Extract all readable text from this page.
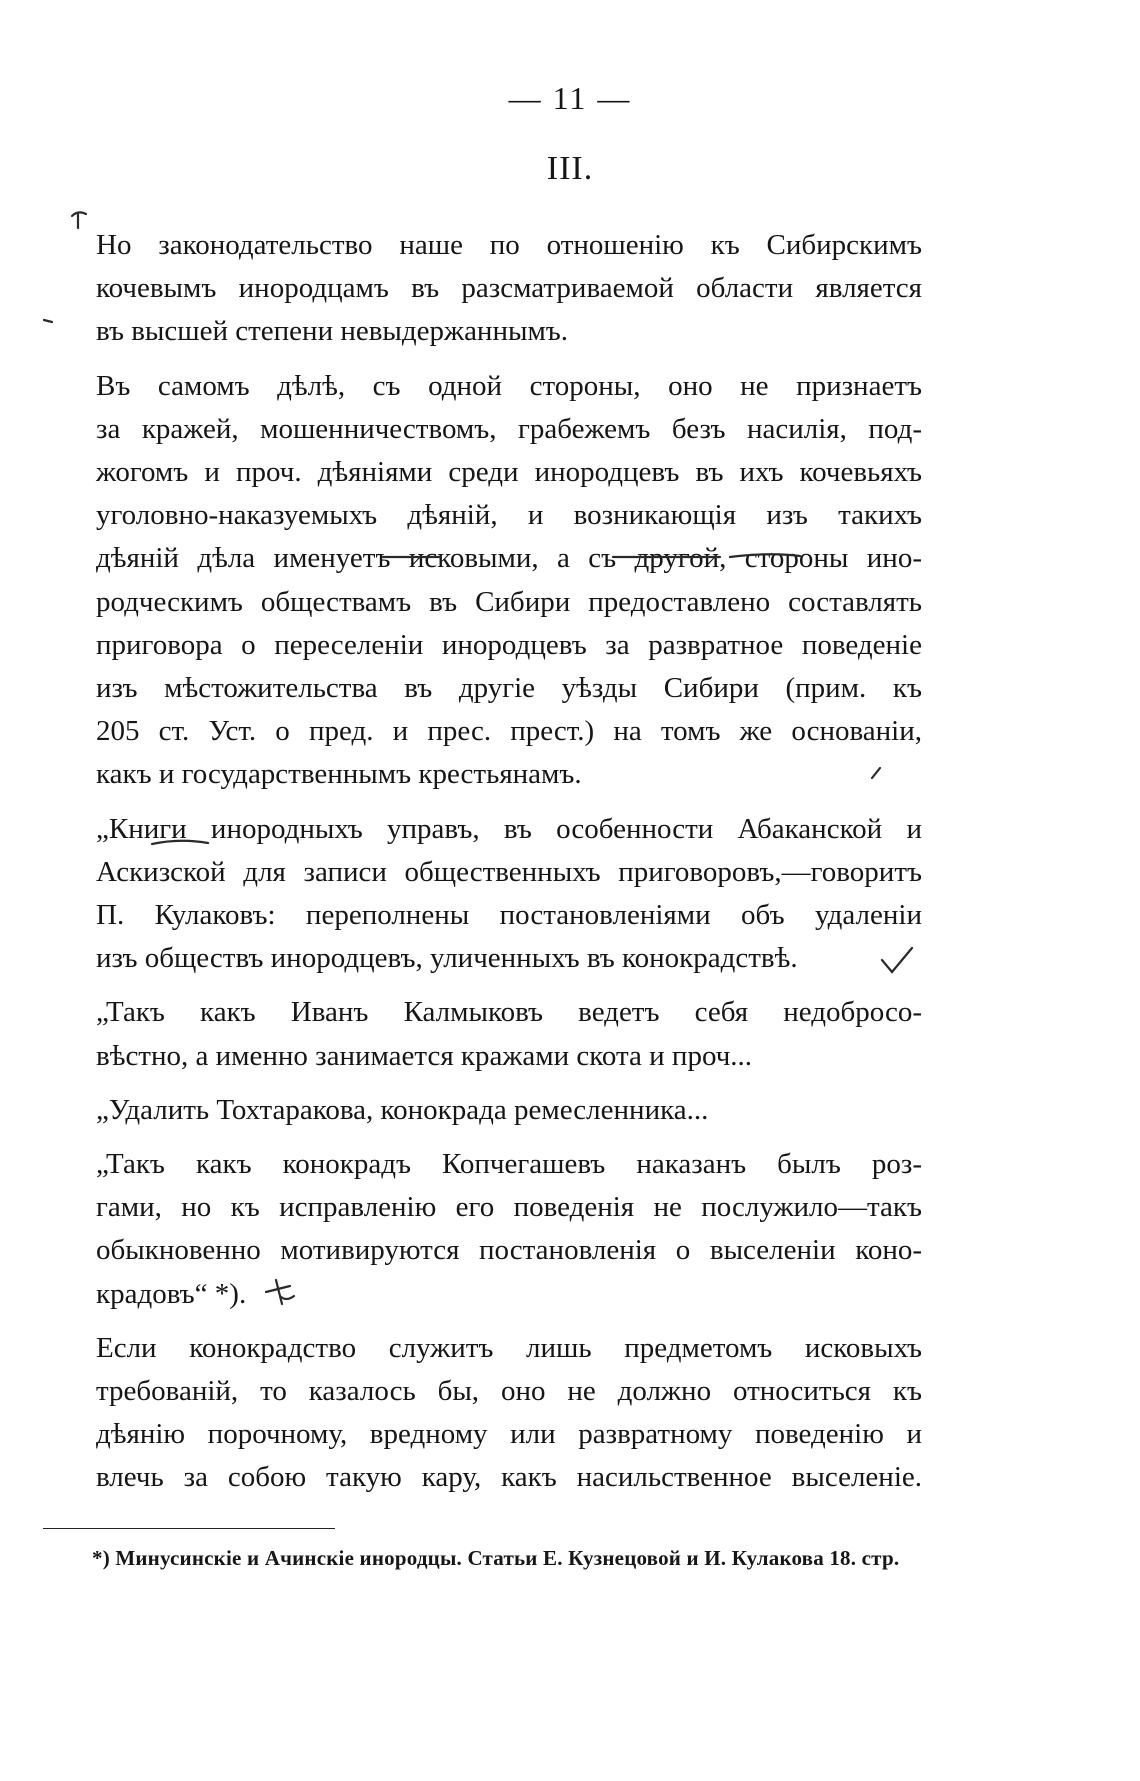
— 11 —
III.
Но законодательство наше по отношенію къ Сибирскимъ
кочевымъ инородцамъ въ разсматриваемой области является
въ высшей степени невыдержаннымъ.
Въ самомъ дѣлѣ, съ одной стороны, оно не признаетъ
за кражей, мошенничествомъ, грабежемъ безъ насилія, под-
жогомъ и проч. дѣяніями среди инородцевъ въ ихъ кочевьяхъ
уголовно-наказуемыхъ дѣяній, и возникающія изъ такихъ
дѣяній дѣла именуетъ исковыми, а съ другой, стороны ино-
родческимъ обществамъ въ Сибири предоставлено составлять
приговора о переселеніи инородцевъ за развратное поведеніе
изъ мѣстожительства въ другіе уѣзды Сибири (прим. къ
205 ст. Уст. о пред. и прес. прест.) на томъ же основаніи,
какъ и государственнымъ крестьянамъ.
„Книги инородныхъ управъ, въ особенности Абаканской и
Аскизской для записи общественныхъ приговоровъ,—говоритъ
П. Кулаковъ: переполнены постановленіями объ удаленіи
изъ обществъ инородцевъ, уличенныхъ въ конокрадствѣ.
„Такъ какъ Иванъ Калмыковъ ведетъ себя недобросо-
вѣстно, а именно занимается кражами скота и проч...
„Удалить Тохтаракова, конокрада ремесленника...
„Такъ какъ конокрадъ Копчегашевъ наказанъ былъ роз-
гами, но къ исправленію его поведенія не послужило—такъ
обыкновенно мотивируются постановленія о выселеніи коно-
крадовъ“ *).
Если конокрадство служитъ лишь предметомъ исковыхъ
требованій, то казалось бы, оно не должно относиться къ
дѣянію порочному, вредному или развратному поведенію и
влечь за собою такую кару, какъ насильственное выселеніе.
*) Минусинскіе и Ачинскіе инородцы. Статьи Е. Кузнецовой и И. Кулакова 18. стр.
